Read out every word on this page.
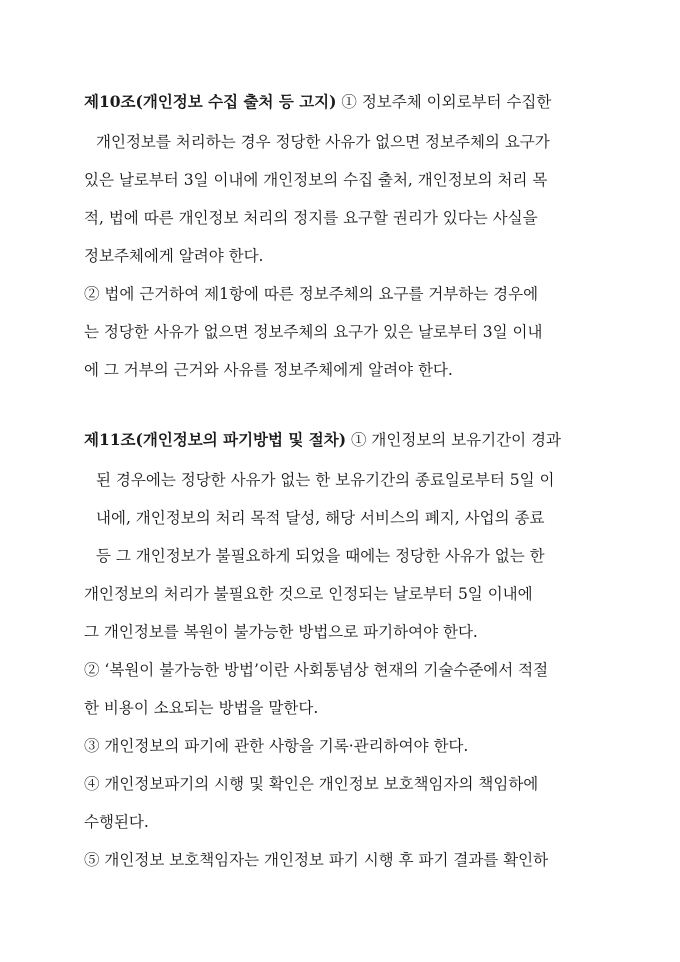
제10조(개인정보 수집 출처 등 고지) ① 정보주체 이외로부터 수집한
개인정보를 처리하는 경우 정당한 사유가 없으면 정보주체의 요구가
있은 날로부터 3일 이내에 개인정보의 수집 출처, 개인정보의 처리 목
적, 법에 따른 개인정보 처리의 정지를 요구할 권리가 있다는 사실을
정보주체에게 알려야 한다.
② 법에 근거하여 제1항에 따른 정보주체의 요구를 거부하는 경우에
는 정당한 사유가 없으면 정보주체의 요구가 있은 날로부터 3일 이내
에 그 거부의 근거와 사유를 정보주체에게 알려야 한다.
제11조(개인정보의 파기방법 및 절차) ① 개인정보의 보유기간이 경과
된 경우에는 정당한 사유가 없는 한 보유기간의 종료일로부터 5일 이
내에, 개인정보의 처리 목적 달성, 해당 서비스의 폐지, 사업의 종료
등 그 개인정보가 불필요하게 되었을 때에는 정당한 사유가 없는 한
개인정보의 처리가 불필요한 것으로 인정되는 날로부터 5일 이내에
그 개인정보를 복원이 불가능한 방법으로 파기하여야 한다.
② ‘복원이 불가능한 방법’이란 사회통념상 현재의 기술수준에서 적절
한 비용이 소요되는 방법을 말한다.
③ 개인정보의 파기에 관한 사항을 기록·관리하여야 한다.
④ 개인정보파기의 시행 및 확인은 개인정보 보호책임자의 책임하에
수행된다.
⑤ 개인정보 보호책임자는 개인정보 파기 시행 후 파기 결과를 확인하
